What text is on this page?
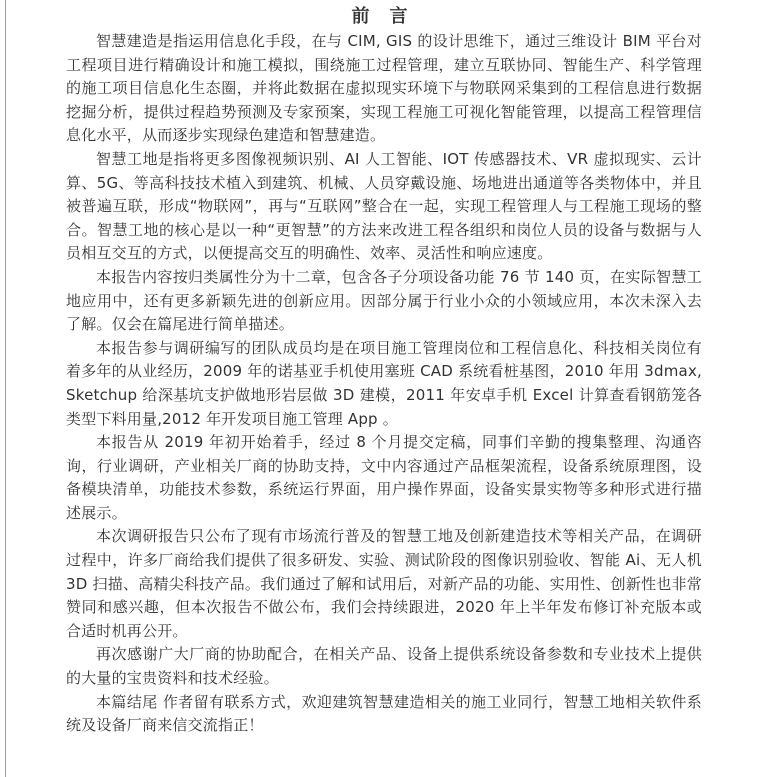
前　言

智慧建造是指运用信息化手段，在与 CIM, GIS 的设计思维下，通过三维设计 BIM 平台对工程项目进行精确设计和施工模拟，围绕施工过程管理，建立互联协同、智能生产、科学管理的施工项目信息化生态圈，并将此数据在虚拟现实环境下与物联网采集到的工程信息进行数据挖掘分析，提供过程趋势预测及专家预案，实现工程施工可视化智能管理，以提高工程管理信息化水平，从而逐步实现绿色建造和智慧建造。

智慧工地是指将更多图像视频识别、AI 人工智能、IOT 传感器技术、VR 虚拟现实、云计算、5G、等高科技技术植入到建筑、机械、人员穿戴设施、场地进出通道等各类物体中，并且被普遍互联，形成“物联网”，再与“互联网”整合在一起，实现工程管理人与工程施工现场的整合。智慧工地的核心是以一种“更智慧”的方法来改进工程各组织和岗位人员的设备与数据与人员相互交互的方式，以便提高交互的明确性、效率、灵活性和响应速度。

本报告内容按归类属性分为十二章，包含各子分项设备功能 76 节 140 页，在实际智慧工地应用中，还有更多新颖先进的创新应用。因部分属于行业小众的小领域应用，本次未深入去了解。仅会在篇尾进行简单描述。

本报告参与调研编写的团队成员均是在项目施工管理岗位和工程信息化、科技相关岗位有着多年的从业经历，2009 年的诺基亚手机使用塞班 CAD 系统看桩基图，2010 年用 3dmax, Sketchup 给深基坑支护做地形岩层做 3D 建模，2011 年安卓手机 Excel 计算查看钢筋笼各类型下料用量,2012 年开发项目施工管理 App 。

本报告从 2019 年初开始着手，经过 8 个月提交定稿，同事们辛勤的搜集整理、沟通咨询，行业调研，产业相关厂商的协助支持，文中内容通过产品框架流程，设备系统原理图，设备模块清单，功能技术参数，系统运行界面，用户操作界面，设备实景实物等多种形式进行描述展示。

本次调研报告只公布了现有市场流行普及的智慧工地及创新建造技术等相关产品，在调研过程中，许多厂商给我们提供了很多研发、实验、测试阶段的图像识别验收、智能 Ai、无人机 3D 扫描、高精尖科技产品。我们通过了解和试用后，对新产品的功能、实用性、创新性也非常赞同和感兴趣，但本次报告不做公布，我们会持续跟进，2020 年上半年发布修订补充版本或合适时机再公开。

再次感谢广大厂商的协助配合，在相关产品、设备上提供系统设备参数和专业技术上提供的大量的宝贵资料和技术经验。

本篇结尾 作者留有联系方式，欢迎建筑智慧建造相关的施工业同行，智慧工地相关软件系统及设备厂商来信交流指正！
